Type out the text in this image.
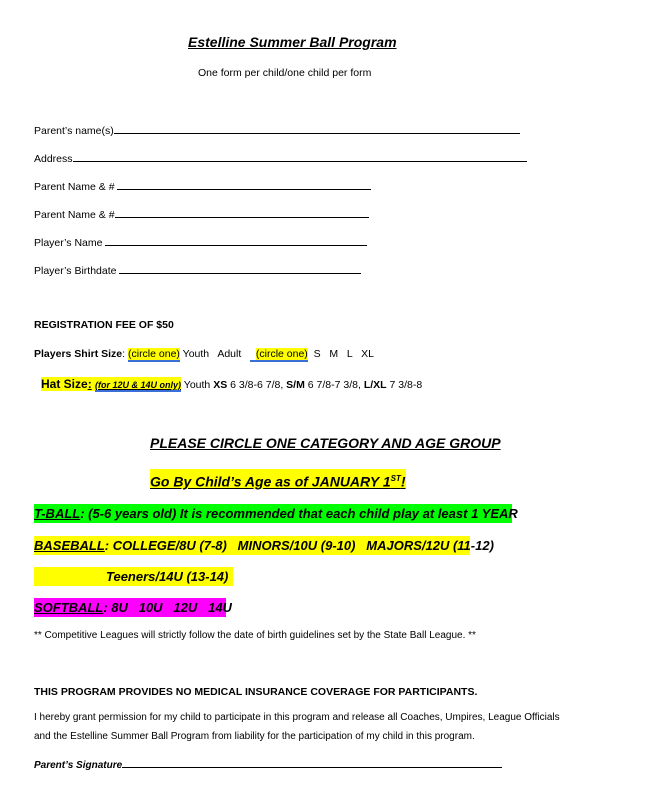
Estelline Summer Ball Program
One form per child/one child per form
Parent’s name(s)
Address
Parent Name & #
Parent Name & #
Player’s Name
Player’s Birthdate
REGISTRATION FEE OF $50
Players Shirt Size: (circle one) Youth Adult (circle one) S   M   L   XL
Hat Size: (for 12U & 14U only) Youth XS 6 3/8-6 7/8, S/M 6 7/8-7 3/8, L/XL 7 3/8-8
PLEASE CIRCLE ONE CATEGORY AND AGE GROUP
Go By Child’s Age as of JANUARY 1ST!
T-BALL: (5-6 years old) It is recommended that each child play at least 1 YEAR
BASEBALL: COLLEGE/8U (7-8)   MINORS/10U (9-10)   MAJORS/12U (11-12)
Teeners/14U (13-14)
SOFTBALL: 8U   10U   12U   14U
** Competitive Leagues will strictly follow the date of birth guidelines set by the State Ball League. **
THIS PROGRAM PROVIDES NO MEDICAL INSURANCE COVERAGE FOR PARTICIPANTS.
I hereby grant permission for my child to participate in this program and release all Coaches, Umpires, League Officials
and the Estelline Summer Ball Program from liability for the participation of my child in this program.
Parent’s Signature
